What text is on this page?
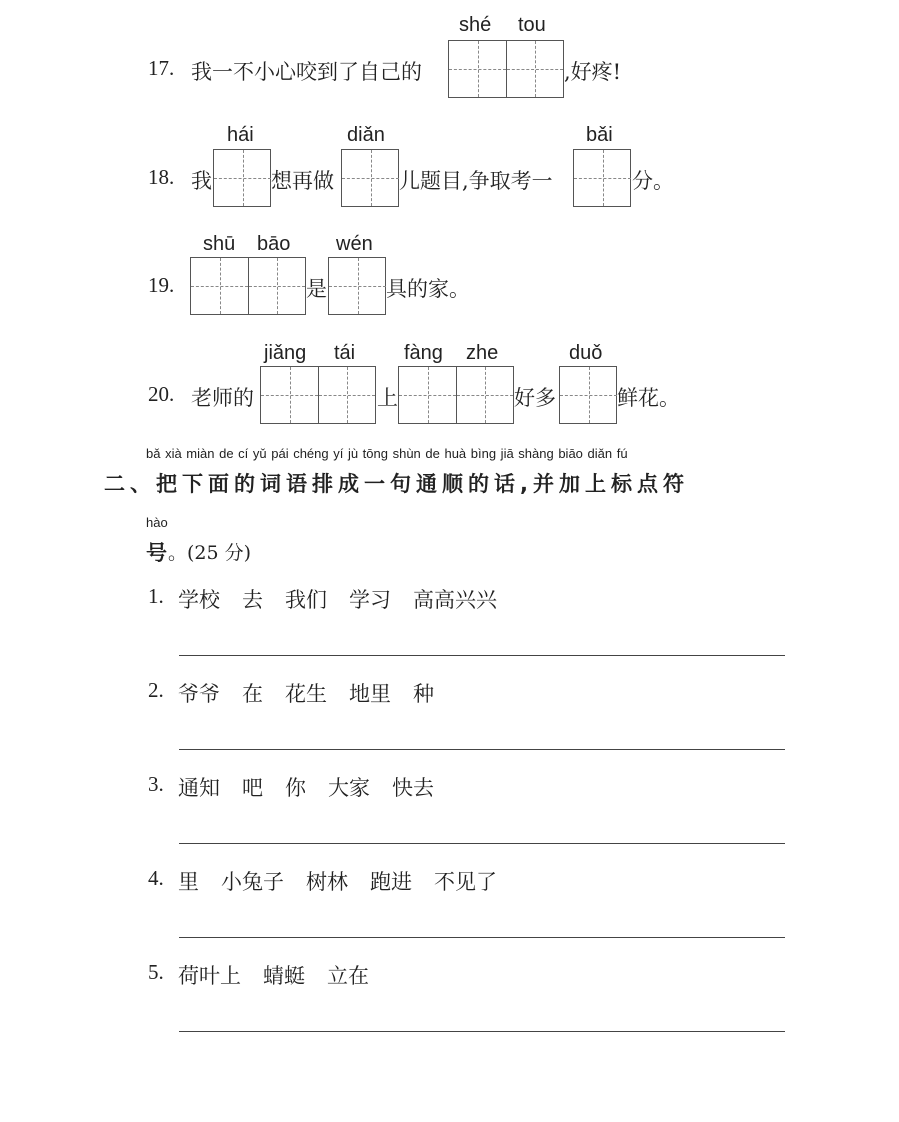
shé tou
17. 我一不小心咬到了自己的	,好疼!
hái	diǎn	bǎi
18. 我	想再做	儿题目,争取考一	分。
shū bāo wén
19.	是	具的家。
jiǎng tái fàng zhe	duǒ
20. 老师的	上	好多	鲜花。
bǎ xià miàn de cí yǔ pái chéng yí jù tōng shùn de huà bìng jiā shàng biāo diǎn fú
二、把下面的词语排成一句通顺的话,并加上标点符
hào
号 。(25 分)
1. 学校 去 我们 学习 高高兴兴
2. 爷爷 在 花生 地里 种
3. 通知 吧 你 大家 快去
4. 里 小兔子 树林 跑进 不见了
5. 荷叶上 蜻蜓 立在
